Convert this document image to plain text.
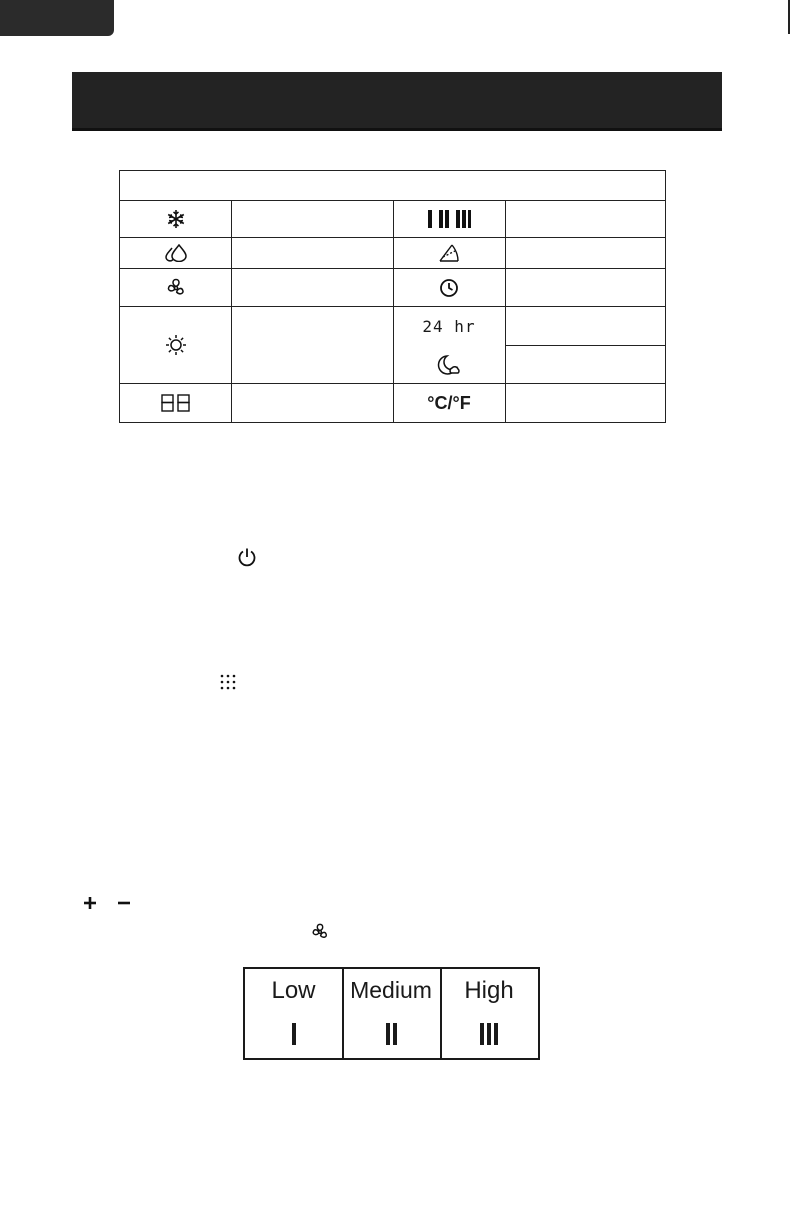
24 hr
°C/°F
Low	Medium	High
